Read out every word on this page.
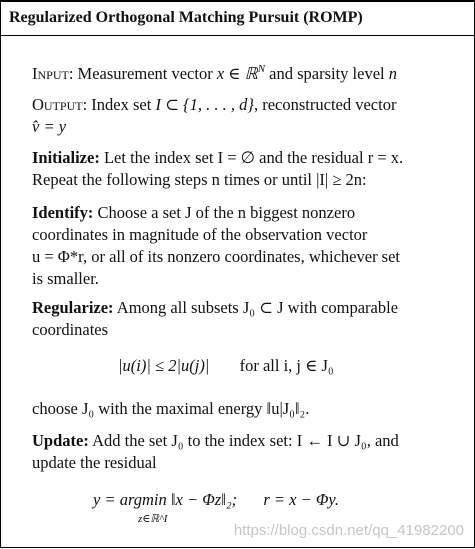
Regularized Orthogonal Matching Pursuit (ROMP)
Input: Measurement vector x ∈ ℝ$^N$ and sparsity level n
Output: Index set I ⊂ {1, . . . , d}, reconstructed vector
v̂ = y
Initialize: Let the index set I = ∅ and the residual r = x.
Repeat the following steps n times or until |I| ≥ 2n:
Identify: Choose a set J of the n biggest nonzero
coordinates in magnitude of the observation vector
u = Φ*r, or all of its nonzero coordinates, whichever set
is smaller.
Regularize: Among all subsets J₀ ⊂ J with comparable
coordinates
|u(i)| ≤ 2|u(j)| for all i, j ∈ J₀
choose J₀ with the maximal energy ‖u|J₀‖₂.
Update: Add the set J₀ to the index set: I ← I ∪ J₀, and
update the residual
y = argmin ‖x − Φz‖₂; r = x − Φy.
z∈ℝ^I
https://blog.csdn.net/qq_41982200
